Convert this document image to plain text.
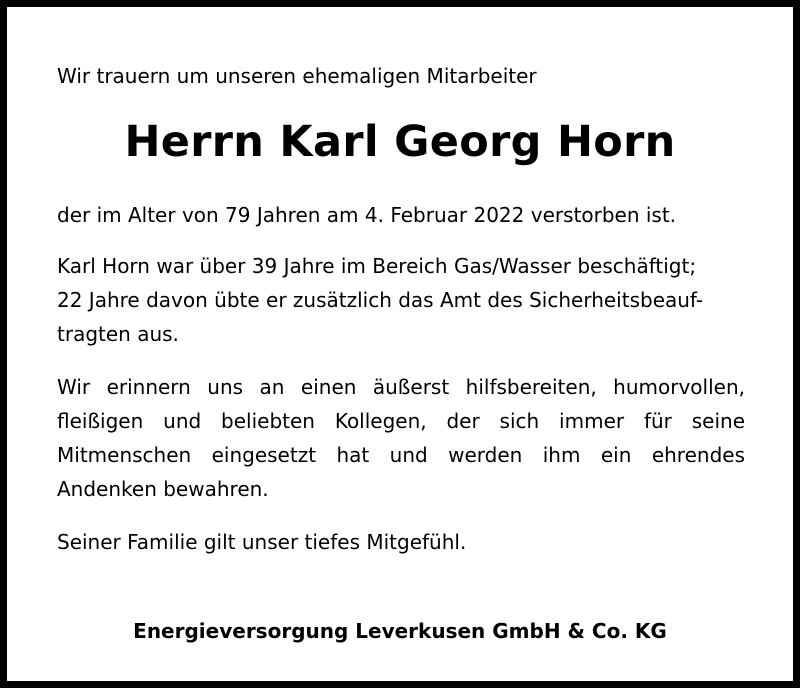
Wir trauern um unseren ehemaligen Mitarbeiter
Herrn Karl Georg Horn
der im Alter von 79 Jahren am 4. Februar 2022 verstorben ist.
Karl Horn war über 39 Jahre im Bereich Gas/Wasser beschäftigt;
22 Jahre davon übte er zusätzlich das Amt des Sicherheitsbeauf-
tragten aus.
Wir erinnern uns an einen äußerst hilfsbereiten, humorvollen,
fleißigen und beliebten Kollegen, der sich immer für seine
Mitmenschen eingesetzt hat und werden ihm ein ehrendes
Andenken bewahren.
Seiner Familie gilt unser tiefes Mitgefühl.
Energieversorgung Leverkusen GmbH & Co. KG
